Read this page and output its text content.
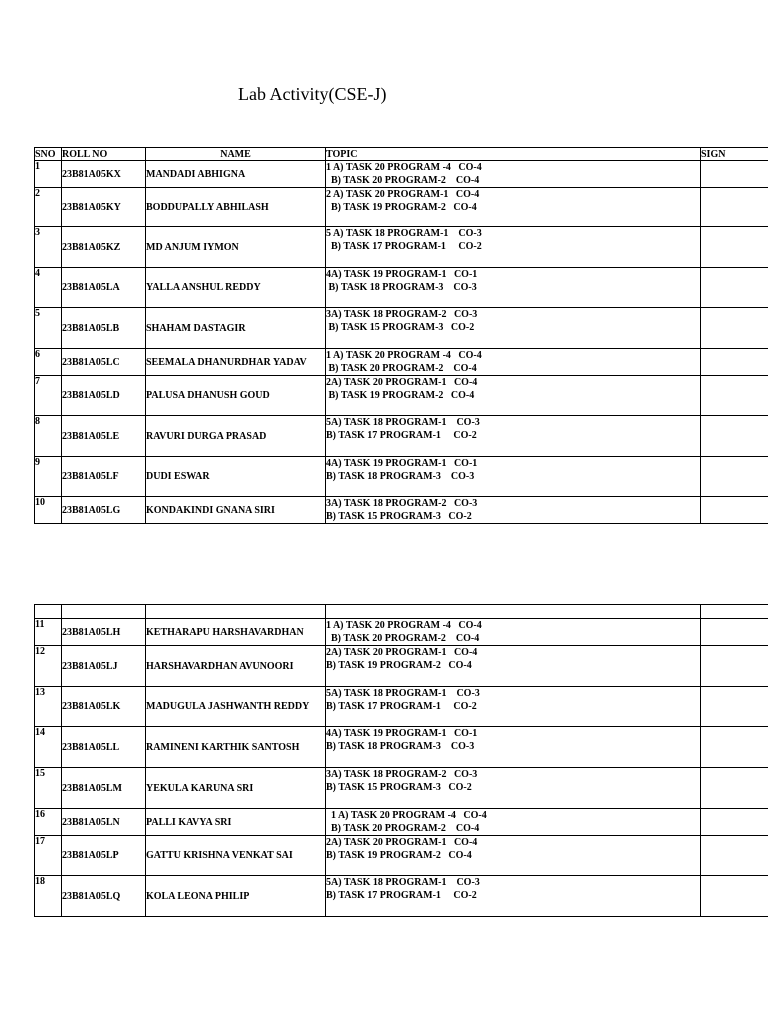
Lab Activity(CSE-J)
SNO	ROLL NO	NAME	TOPIC	SIGN
1	23B81A05KX	MANDADI ABHIGNA	1 A) TASK 20 PROGRAM -4   CO-4
B) TASK 20 PROGRAM-2    CO-4	

2	23B81A05KY	BODDUPALLY ABHILASH	2 A) TASK 20 PROGRAM-1   CO-4
B) TASK 19 PROGRAM-2   CO-4	

3	23B81A05KZ	MD ANJUM IYMON	5 A) TASK 18 PROGRAM-1    CO-3
B) TASK 17 PROGRAM-1     CO-2	

4	23B81A05LA	YALLA ANSHUL REDDY	4A) TASK 19 PROGRAM-1   CO-1
B) TASK 18 PROGRAM-3    CO-3	

5	23B81A05LB	SHAHAM DASTAGIR	3A) TASK 18 PROGRAM-2   CO-3
B) TASK 15 PROGRAM-3   CO-2	

6	23B81A05LC	SEEMALA DHANURDHAR YADAV	1 A) TASK 20 PROGRAM -4   CO-4
B) TASK 20 PROGRAM-2    CO-4	

7	23B81A05LD	PALUSA DHANUSH GOUD	2A) TASK 20 PROGRAM-1   CO-4
B) TASK 19 PROGRAM-2   CO-4	

8	23B81A05LE	RAVURI DURGA PRASAD	5A) TASK 18 PROGRAM-1    CO-3
B) TASK 17 PROGRAM-1     CO-2	

9	23B81A05LF	DUDI ESWAR	4A) TASK 19 PROGRAM-1   CO-1
B) TASK 18 PROGRAM-3    CO-3	

10	23B81A05LG	KONDAKINDI GNANA SIRI	3A) TASK 18 PROGRAM-2   CO-3
B) TASK 15 PROGRAM-3   CO-2	

11	23B81A05LH	KETHARAPU HARSHAVARDHAN	1 A) TASK 20 PROGRAM -4   CO-4
B) TASK 20 PROGRAM-2    CO-4	

12	23B81A05LJ	HARSHAVARDHAN AVUNOORI	2A) TASK 20 PROGRAM-1   CO-4
B) TASK 19 PROGRAM-2   CO-4	

13	23B81A05LK	MADUGULA JASHWANTH REDDY	5A) TASK 18 PROGRAM-1    CO-3
B) TASK 17 PROGRAM-1     CO-2	

14	23B81A05LL	RAMINENI KARTHIK SANTOSH	4A) TASK 19 PROGRAM-1   CO-1
B) TASK 18 PROGRAM-3    CO-3	

15	23B81A05LM	YEKULA KARUNA SRI	3A) TASK 18 PROGRAM-2   CO-3
B) TASK 15 PROGRAM-3   CO-2	

16	23B81A05LN	PALLI KAVYA SRI	1 A) TASK 20 PROGRAM -4   CO-4
B) TASK 20 PROGRAM-2    CO-4	

17	23B81A05LP	GATTU KRISHNA VENKAT SAI	2A) TASK 20 PROGRAM-1   CO-4
B) TASK 19 PROGRAM-2   CO-4	

18	23B81A05LQ	KOLA LEONA PHILIP	5A) TASK 18 PROGRAM-1    CO-3
B) TASK 17 PROGRAM-1     CO-2	
